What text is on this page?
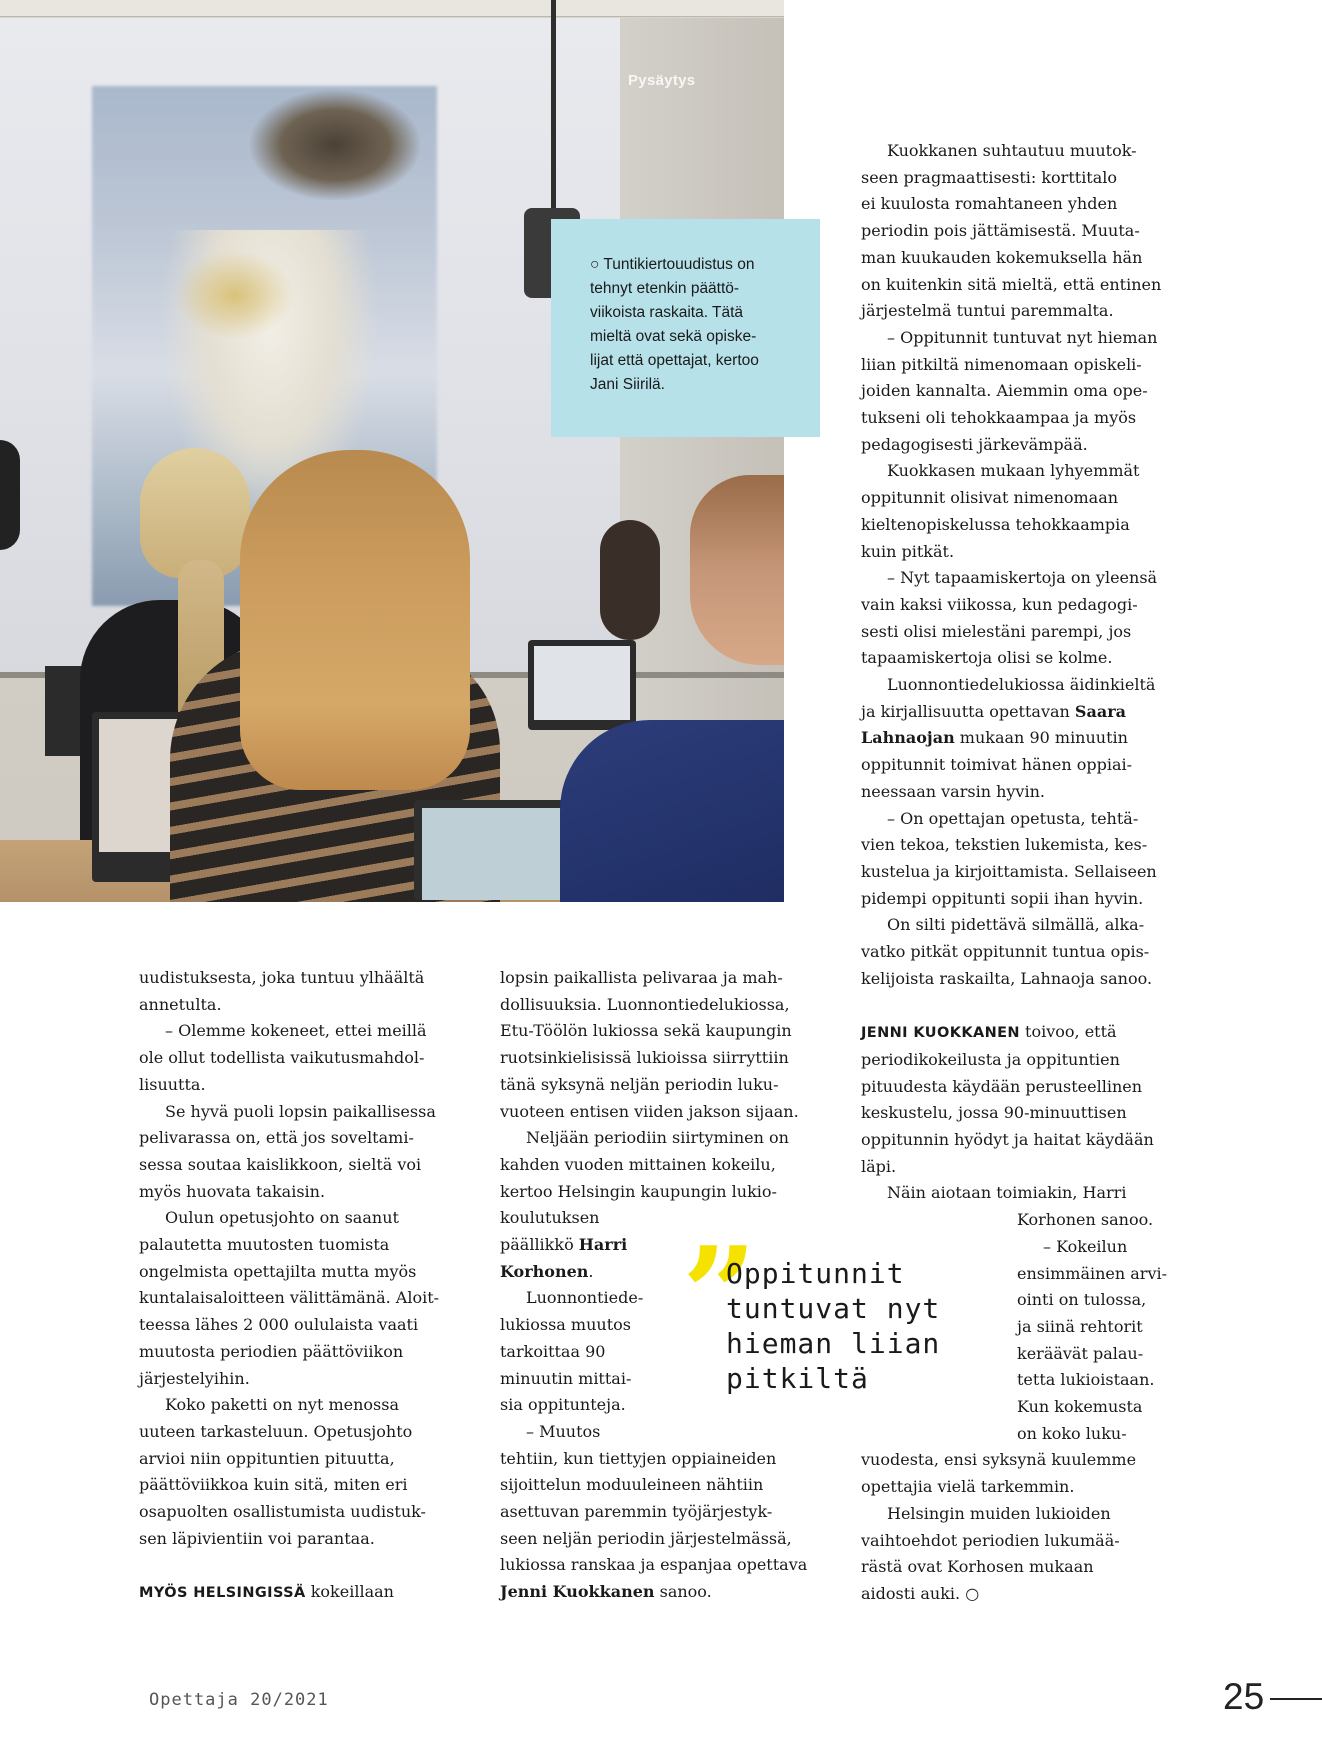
Pysäytys
○ Tuntikiertouudistus on
tehnyt etenkin päättö-
viikoista raskaita. Tätä
mieltä ovat sekä opiske-
lijat että opettajat, kertoo
Jani Siirilä.

uudistuksesta, joka tuntuu ylhäältä
annetulta.

– Olemme kokeneet, ettei meillä
ole ollut todellista vaikutusmahdol-
lisuutta.

Se hyvä puoli lopsin paikallisessa
pelivarassa on, että jos soveltami-
sessa soutaa kaislikkoon, sieltä voi
myös huovata takaisin.

Oulun opetusjohto on saanut
palautetta muutosten tuomista
ongelmista opettajilta mutta myös
kuntalaisaloitteen välittämänä. Aloit-
teessa lähes 2 000 oululaista vaati
muutosta periodien päättöviikon
järjestelyihin.

Koko paketti on nyt menossa
uuteen tarkasteluun. Opetusjohto
arvioi niin oppituntien pituutta,
päättöviikkoa kuin sitä, miten eri
osapuolten osallistumista uudistuk-
sen läpivientiin voi parantaa.

MYÖS HELSINGISSÄ kokeillaan

lopsin paikallista pelivaraa ja mah-
dollisuuksia. Luonnontiedelukiossa,
Etu-Töölön lukiossa sekä kaupungin
ruotsinkielisissä lukioissa siirryttiin
tänä syksynä neljän periodin luku-
vuoteen entisen viiden jakson sijaan.

Neljään periodiin siirtyminen on
kahden vuoden mittainen kokeilu,
kertoo Helsingin kaupungin lukio-
koulutuksen
päällikkö Harri
Korhonen.

Luonnontiede-
lukiossa muutos
tarkoittaa 90
minuutin mittai-
sia oppitunteja.

– Muutos
tehtiin, kun tiettyjen oppiaineiden
sijoittelun moduuleineen nähtiin
asettuvan paremmin työjärjestyk-
seen neljän periodin järjestelmässä,
lukiossa ranskaa ja espanjaa opettava
Jenni Kuokkanen sanoo.

Kuokkanen suhtautuu muutok-
seen pragmaattisesti: korttitalo
ei kuulosta romahtaneen yhden
periodin pois jättämisestä. Muuta-
man kuukauden kokemuksella hän
on kuitenkin sitä mieltä, että entinen
järjestelmä tuntui paremmalta.

– Oppitunnit tuntuvat nyt hieman
liian pitkiltä nimenomaan opiskeli-
joiden kannalta. Aiemmin oma ope-
tukseni oli tehokkaampaa ja myös
pedagogisesti järkevämpää.

Kuokkasen mukaan lyhyemmät
oppitunnit olisivat nimenomaan
kieltenopiskelussa tehokkaampia
kuin pitkät.

– Nyt tapaamiskertoja on yleensä
vain kaksi viikossa, kun pedagogi-
sesti olisi mielestäni parempi, jos
tapaamiskertoja olisi se kolme.

Luonnontiedelukiossa äidinkieltä
ja kirjallisuutta opettavan Saara
Lahnaojan mukaan 90 minuutin
oppitunnit toimivat hänen oppiai-
neessaan varsin hyvin.

– On opettajan opetusta, tehtä-
vien tekoa, tekstien lukemista, kes-
kustelua ja kirjoittamista. Sellaiseen
pidempi oppitunti sopii ihan hyvin.

On silti pidettävä silmällä, alka-
vatko pitkät oppitunnit tuntua opis-
kelijoista raskailta, Lahnaoja sanoo.

JENNI KUOKKANEN toivoo, että
periodikokeilusta ja oppituntien
pituudesta käydään perusteellinen
keskustelu, jossa 90-minuuttisen
oppitunnin hyödyt ja haitat käydään
läpi.

Näin aiotaan toimiakin, Harri

Korhonen sanoo.

– Kokeilun
ensimmäinen arvi-
ointi on tulossa,
ja siinä rehtorit
keräävät palau-
tetta lukioistaan.
Kun kokemusta
on koko luku-

vuodesta, ensi syksynä kuulemme
opettajia vielä tarkemmin.

Helsingin muiden lukioiden
vaihtoehdot periodien lukumää-
rästä ovat Korhosen mukaan
aidosti auki. ○

”
Oppitunnit
tuntuvat nyt
hieman liian
pitkiltä
Opettaja 20/2021	25
